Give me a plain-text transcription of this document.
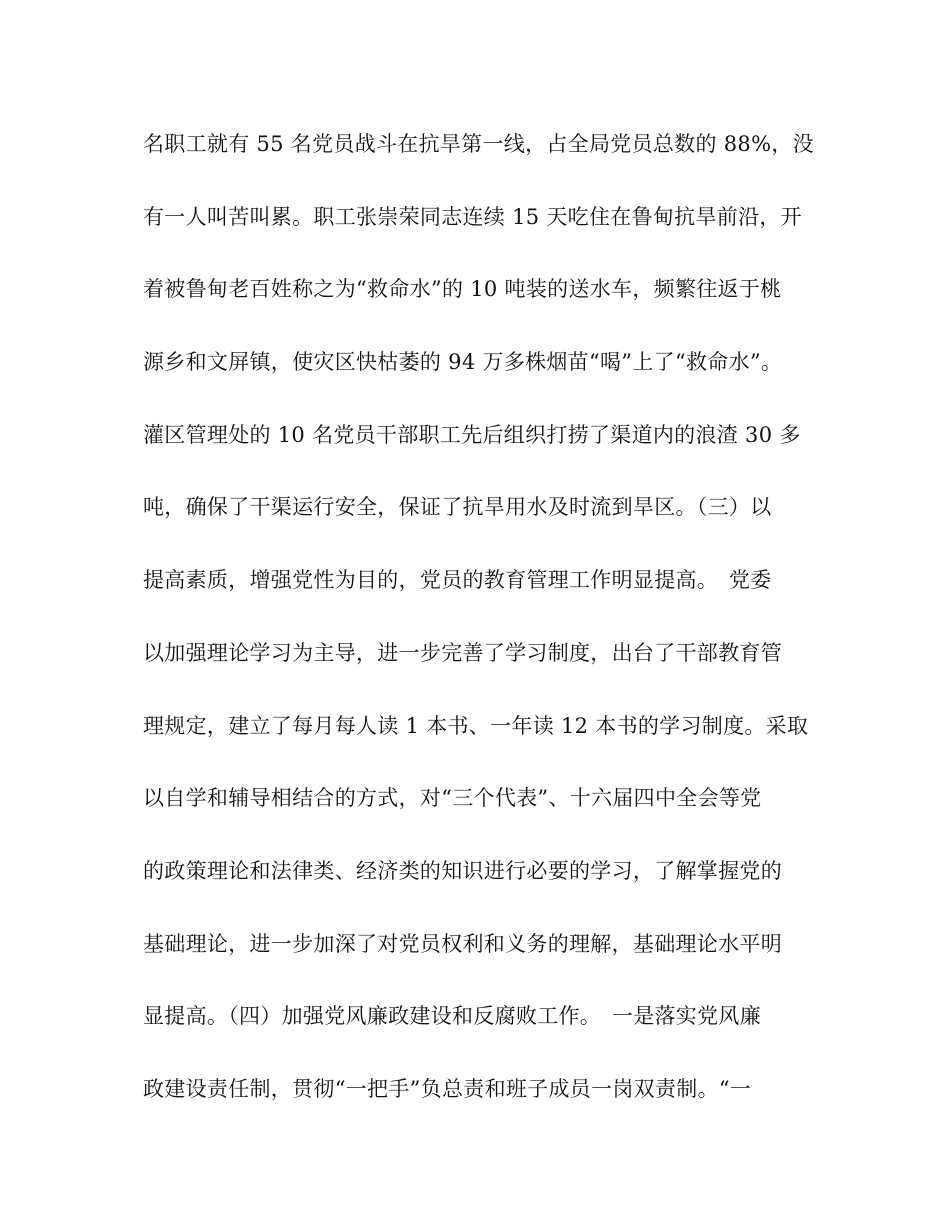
名职工就有 55 名党员战斗在抗旱第一线，占全局党员总数的 88%，没
有一人叫苦叫累。职工张崇荣同志连续 15 天吃住在鲁甸抗旱前沿，开
着被鲁甸老百姓称之为“救命水”的 10 吨装的送水车，频繁往返于桃
源乡和文屏镇，使灾区快枯萎的 94 万多株烟苗“喝”上了“救命水”。
灌区管理处的 10 名党员干部职工先后组织打捞了渠道内的浪渣 30 多
吨，确保了干渠运行安全，保证了抗旱用水及时流到旱区。（三）以
提高素质，增强党性为目的，党员的教育管理工作明显提高。　党委
以加强理论学习为主导，进一步完善了学习制度，出台了干部教育管
理规定，建立了每月每人读 1 本书、一年读 12 本书的学习制度。采取
以自学和辅导相结合的方式，对“三个代表”、十六届四中全会等党
的政策理论和法律类、经济类的知识进行必要的学习，了解掌握党的
基础理论，进一步加深了对党员权利和义务的理解，基础理论水平明
显提高。（四）加强党风廉政建设和反腐败工作。　一是落实党风廉
政建设责任制，贯彻“一把手”负总责和班子成员一岗双责制。“一
